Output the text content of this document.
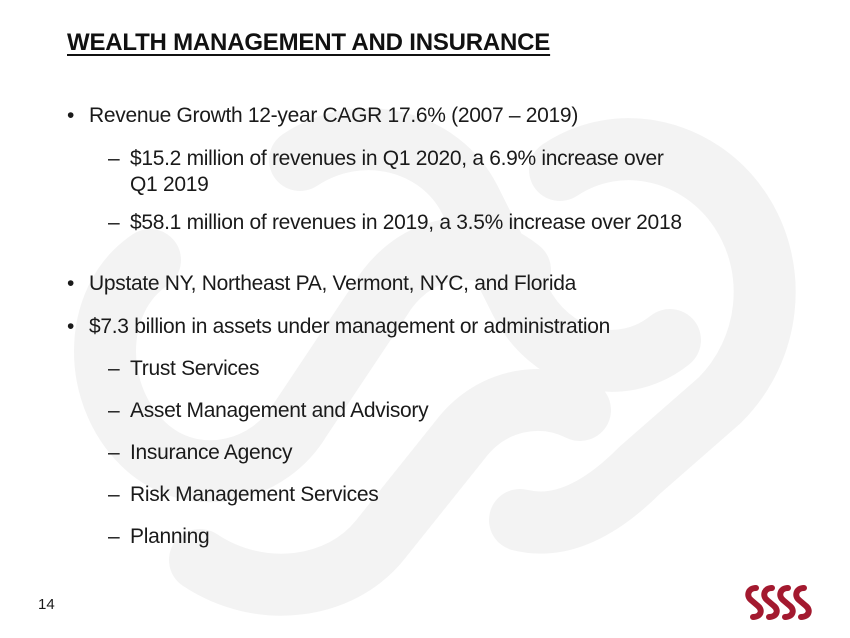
WEALTH MANAGEMENT AND INSURANCE
• Revenue Growth 12-year CAGR 17.6% (2007 – 2019)
– $15.2 million of revenues in Q1 2020, a 6.9% increase over
Q1 2019
– $58.1 million of revenues in 2019, a 3.5% increase over 2018
• Upstate NY, Northeast PA, Vermont, NYC, and Florida
• $7.3 billion in assets under management or administration
– Trust Services
– Asset Management and Advisory
– Insurance Agency
– Risk Management Services
– Planning
14
